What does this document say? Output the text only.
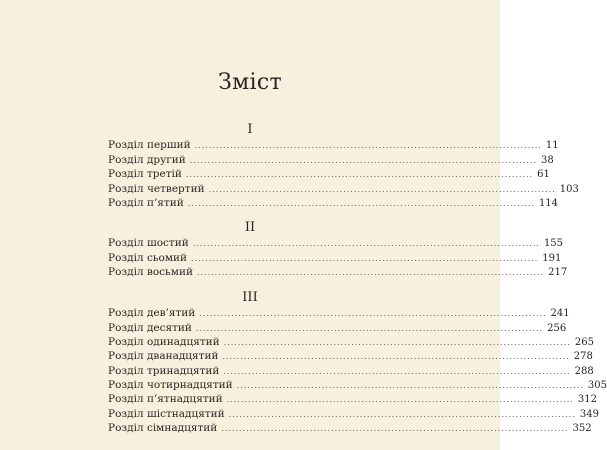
Зміст
I
Розділ перший .................................................................................................. 11
Розділ другий .................................................................................................. 38
Розділ третій .................................................................................................. 61
Розділ четвертий .................................................................................................. 103
Розділ п’ятий .................................................................................................. 114
II
Розділ шостий .................................................................................................. 155
Розділ сьомий .................................................................................................. 191
Розділ восьмий .................................................................................................. 217
III
Розділ дев’ятий .................................................................................................. 241
Розділ десятий .................................................................................................. 256
Розділ одинадцятий .................................................................................................. 265
Розділ дванадцятий .................................................................................................. 278
Розділ тринадцятий .................................................................................................. 288
Розділ чотирнадцятий .................................................................................................. 305
Розділ п’ятнадцятий .................................................................................................. 312
Розділ шістнадцятий .................................................................................................. 349
Розділ сімнадцятий .................................................................................................. 352
